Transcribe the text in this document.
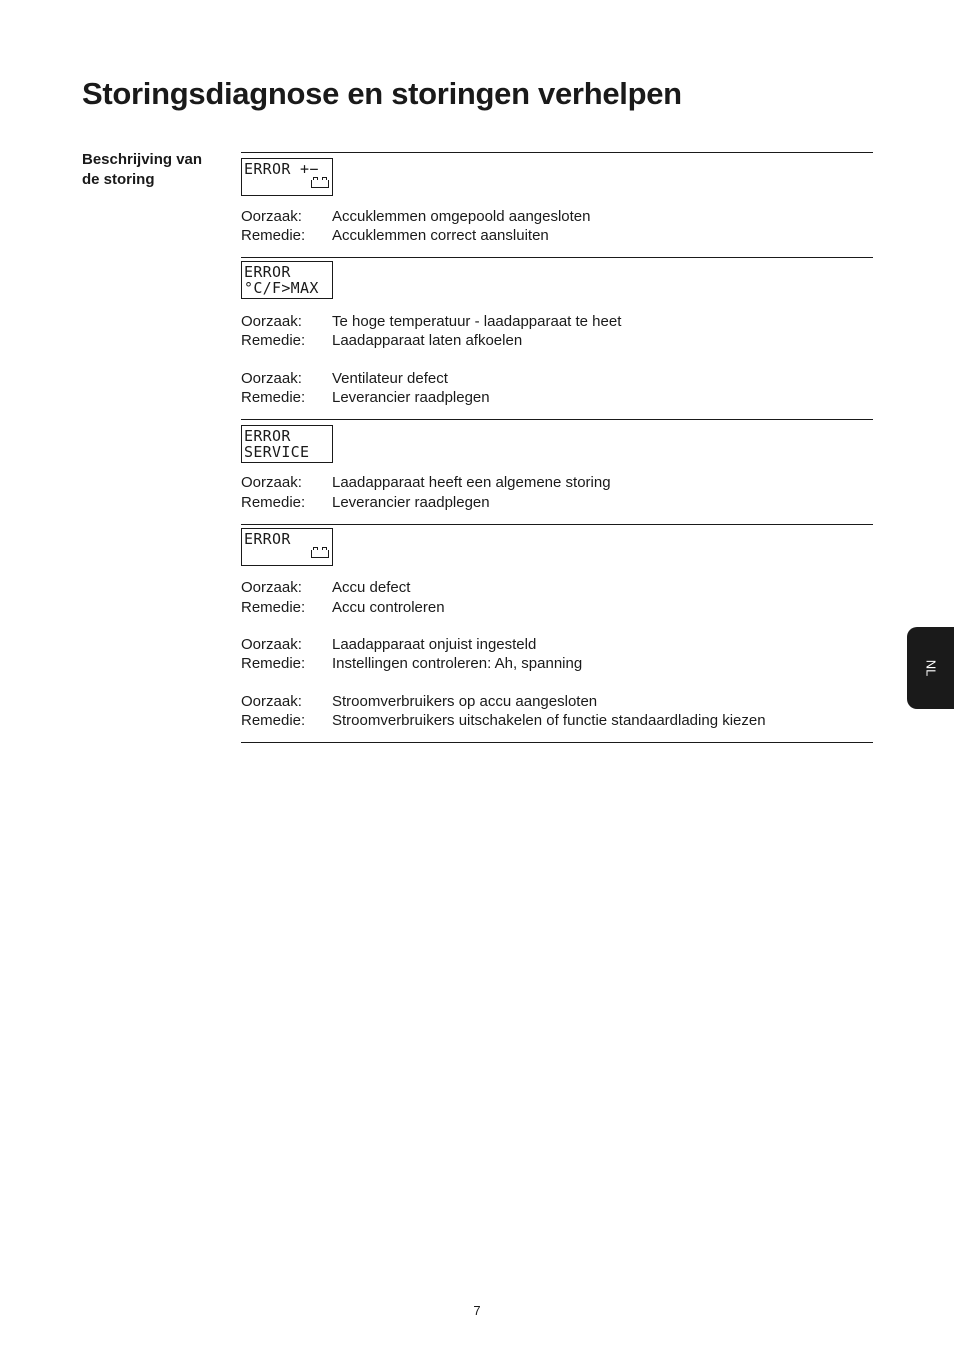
Storingsdiagnose en storingen verhelpen
Beschrijving van
de storing
ERROR +−
Oorzaak: Accuklemmen omgepoold aangesloten
Remedie: Accuklemmen correct aansluiten
ERROR
°C/F>MAX
Oorzaak: Te hoge temperatuur - laadapparaat te heet
Remedie: Laadapparaat laten afkoelen
Oorzaak: Ventilateur defect
Remedie: Leverancier raadplegen
ERROR
SERVICE
Oorzaak: Laadapparaat heeft een algemene storing
Remedie: Leverancier raadplegen
ERROR
Oorzaak: Accu defect
Remedie: Accu controleren
Oorzaak: Laadapparaat onjuist ingesteld
Remedie: Instellingen controleren: Ah, spanning
Oorzaak: Stroomverbruikers op accu aangesloten
Remedie: Stroomverbruikers uitschakelen of functie standaardlading kiezen
NL
7
